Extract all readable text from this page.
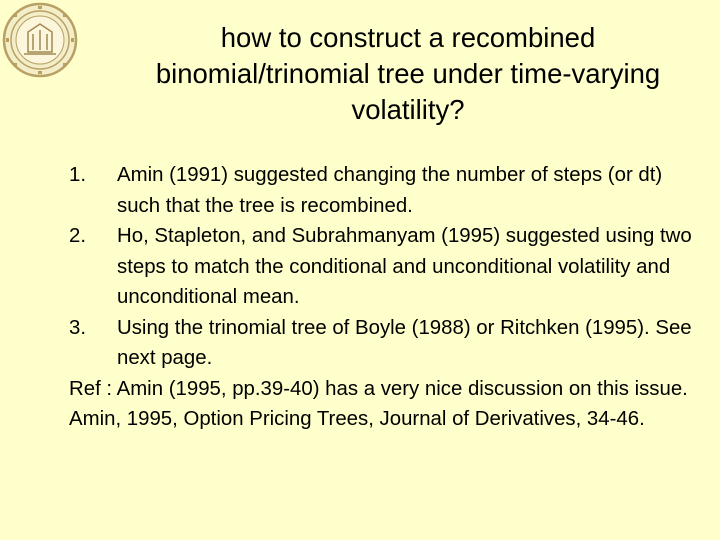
how to construct a recombined binomial/trinomial tree under time-varying volatility?
1.	Amin (1991) suggested changing the number of steps (or dt) such that the tree is recombined.
2.	Ho, Stapleton, and Subrahmanyam (1995) suggested using two steps to match the conditional and unconditional volatility and unconditional mean.
3.	Using the trinomial tree of Boyle (1988) or Ritchken (1995). See next page.
Ref : Amin (1995, pp.39-40) has a very nice discussion on this issue.
Amin, 1995, Option Pricing Trees, Journal of Derivatives, 34-46.
